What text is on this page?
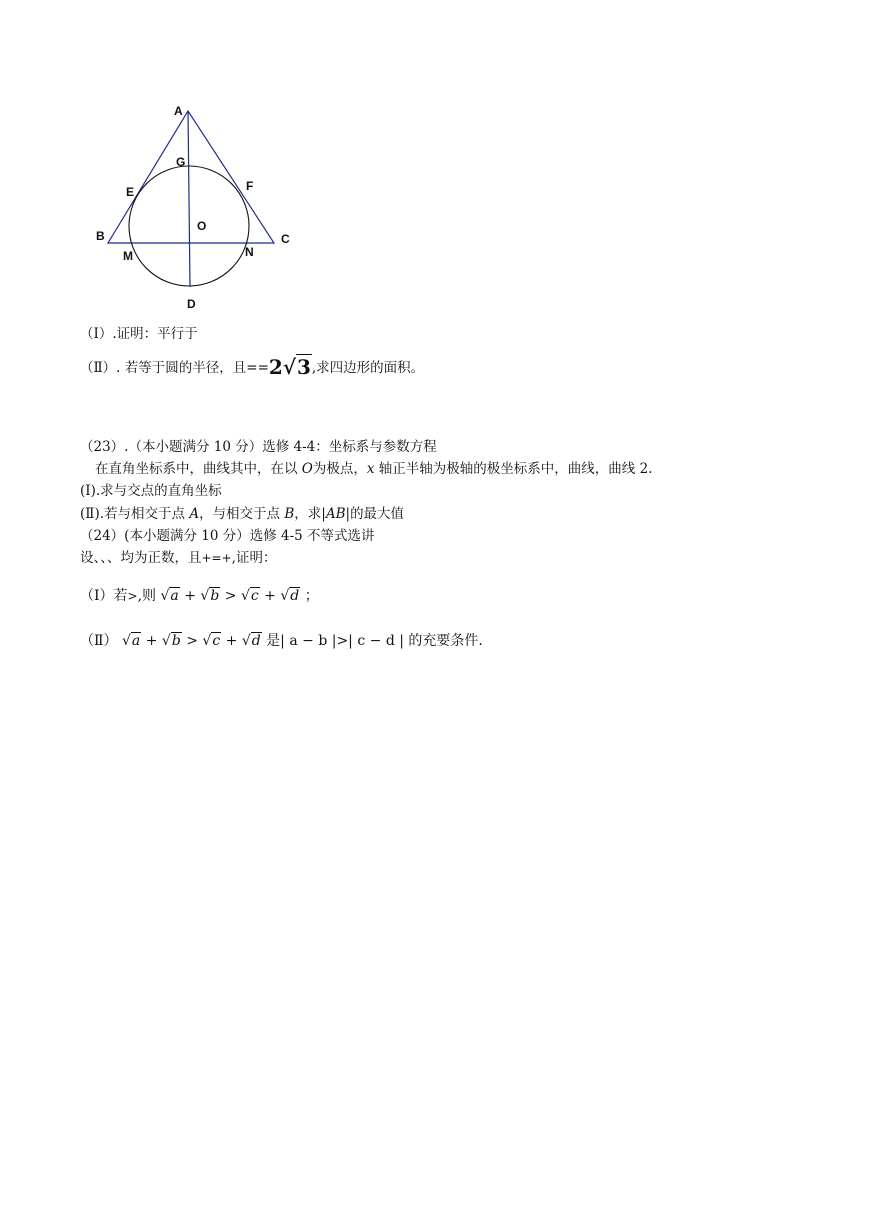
A
G
E	F
O
B	C
M	N
D
（Ⅰ）.证明：平行于
（Ⅱ）. 若等于圆的半径，且==2√3,求四边形的面积。
（23）.（本小题满分 10 分）选修 4-4：坐标系与参数方程
在直角坐标系中，曲线其中，在以 O为极点，x 轴正半轴为极轴的极坐标系中，曲线，曲线 2.
(Ⅰ).求与交点的直角坐标
(Ⅱ).若与相交于点 A，与相交于点 B，求|AB|的最大值
（24）(本小题满分 10 分）选修 4-5 不等式选讲
设、、、均为正数，且+=+,证明：
（Ⅰ）若>,则 √a + √b > √c + √d ；
（Ⅱ） √a + √b > √c + √d 是| a − b |>| c − d | 的充要条件.
